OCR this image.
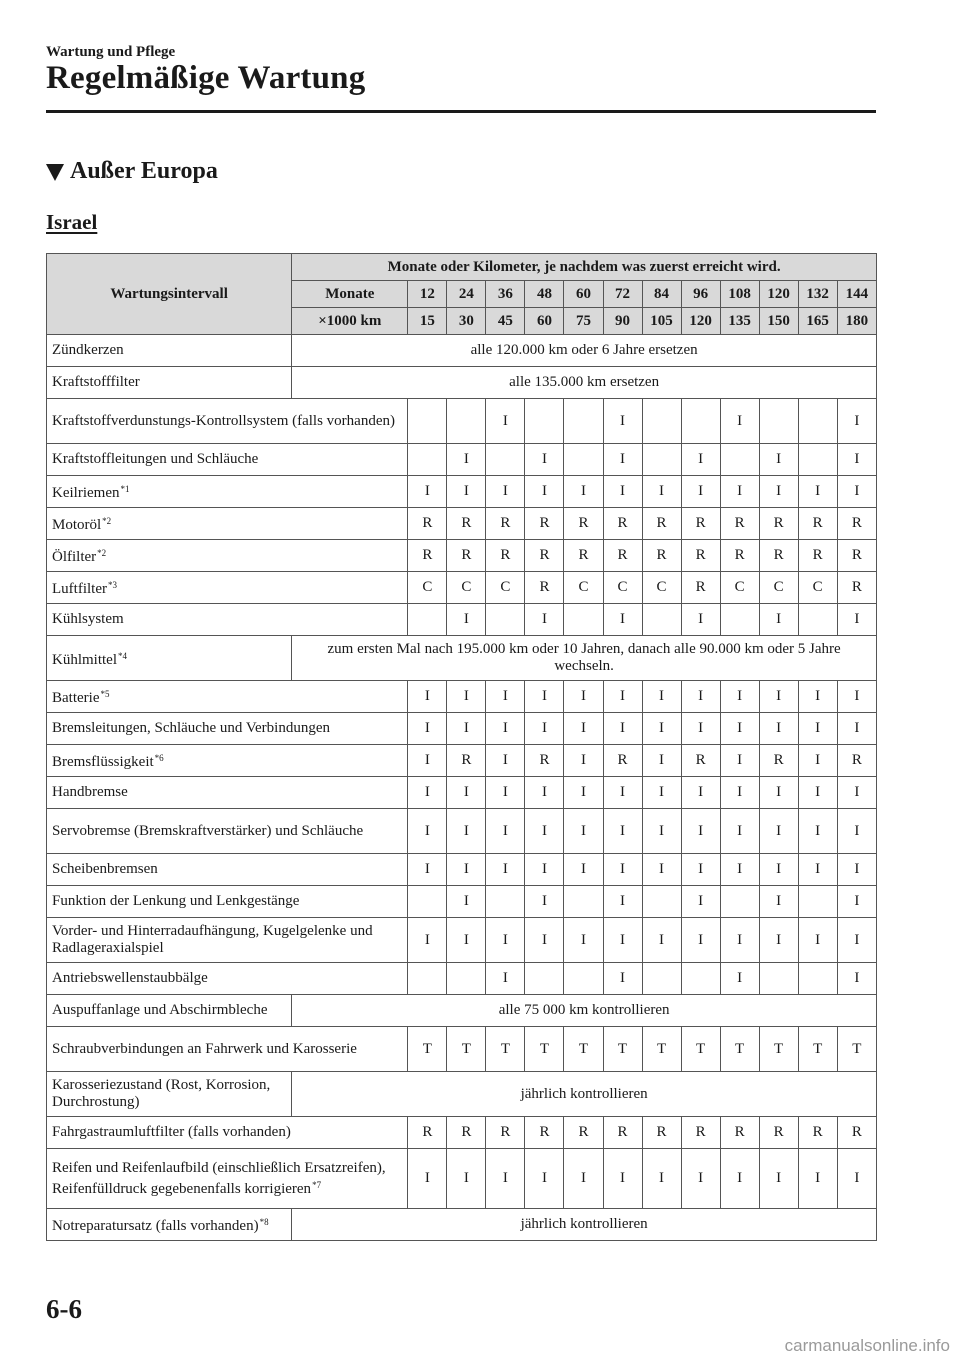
Wartung und Pflege
Regelmäßige Wartung
Außer Europa
Israel
Wartungsintervall	Monate oder Kilometer, je nachdem was zuerst erreicht wird.												
	Monate	12	24	36	48	60	72	84	96	108	120	132	144
	×1000 km	15	30	45	60	75	90	105	120	135	150	165	180
Zündkerzen	alle 120.000 km oder 6 Jahre ersetzen												
Kraftstofffilter	alle 135.000 km ersetzen												
Kraftstoffverdunstungs-Kontrollsystem (falls vorhanden)				I			I			I			I
Kraftstoffleitungen und Schläuche			I		I		I		I		I		I
Keilriemen$^{*1}$		I	I	I	I	I	I	I	I	I	I	I	I
Motoröl$^{*2}$		R	R	R	R	R	R	R	R	R	R	R	R
Ölfilter$^{*2}$		R	R	R	R	R	R	R	R	R	R	R	R
Luftfilter$^{*3}$		C	C	C	R	C	C	C	R	C	C	C	R
Kühlsystem			I		I		I		I		I		I
Kühlmittel$^{*4}$	zum ersten Mal nach 195.000 km oder 10 Jahren, danach alle 90.000 km oder 5 Jahre wechseln.												
Batterie$^{*5}$		I	I	I	I	I	I	I	I	I	I	I	I
Bremsleitungen, Schläuche und Verbindungen		I	I	I	I	I	I	I	I	I	I	I	I
Bremsflüssigkeit$^{*6}$		I	R	I	R	I	R	I	R	I	R	I	R
Handbremse		I	I	I	I	I	I	I	I	I	I	I	I
Servobremse (Bremskraftverstärker) und Schläuche		I	I	I	I	I	I	I	I	I	I	I	I
Scheibenbremsen		I	I	I	I	I	I	I	I	I	I	I	I
Funktion der Lenkung und Lenkgestänge			I		I		I		I		I		I
Vorder- und Hinterradaufhängung, Kugelgelenke und Radlageraxialspiel		I	I	I	I	I	I	I	I	I	I	I	I
Antriebswellenstaubbälge				I			I			I			I
Auspuffanlage und Abschirmbleche	alle 75 000 km kontrollieren												
Schraubverbindungen an Fahrwerk und Karosserie		T	T	T	T	T	T	T	T	T	T	T	T
Karosseriezustand (Rost, Korrosion, Durchrostung)	jährlich kontrollieren												
Fahrgastraumluftfilter (falls vorhanden)		R	R	R	R	R	R	R	R	R	R	R	R
Reifen und Reifenlaufbild (einschließlich Ersatzreifen), Reifenfülldruck gegebenenfalls korrigieren$^{*7}$		I	I	I	I	I	I	I	I	I	I	I	I
Notreparatursatz (falls vorhanden)$^{*8}$	jährlich kontrollieren												
6-6
carmanualsonline.info
